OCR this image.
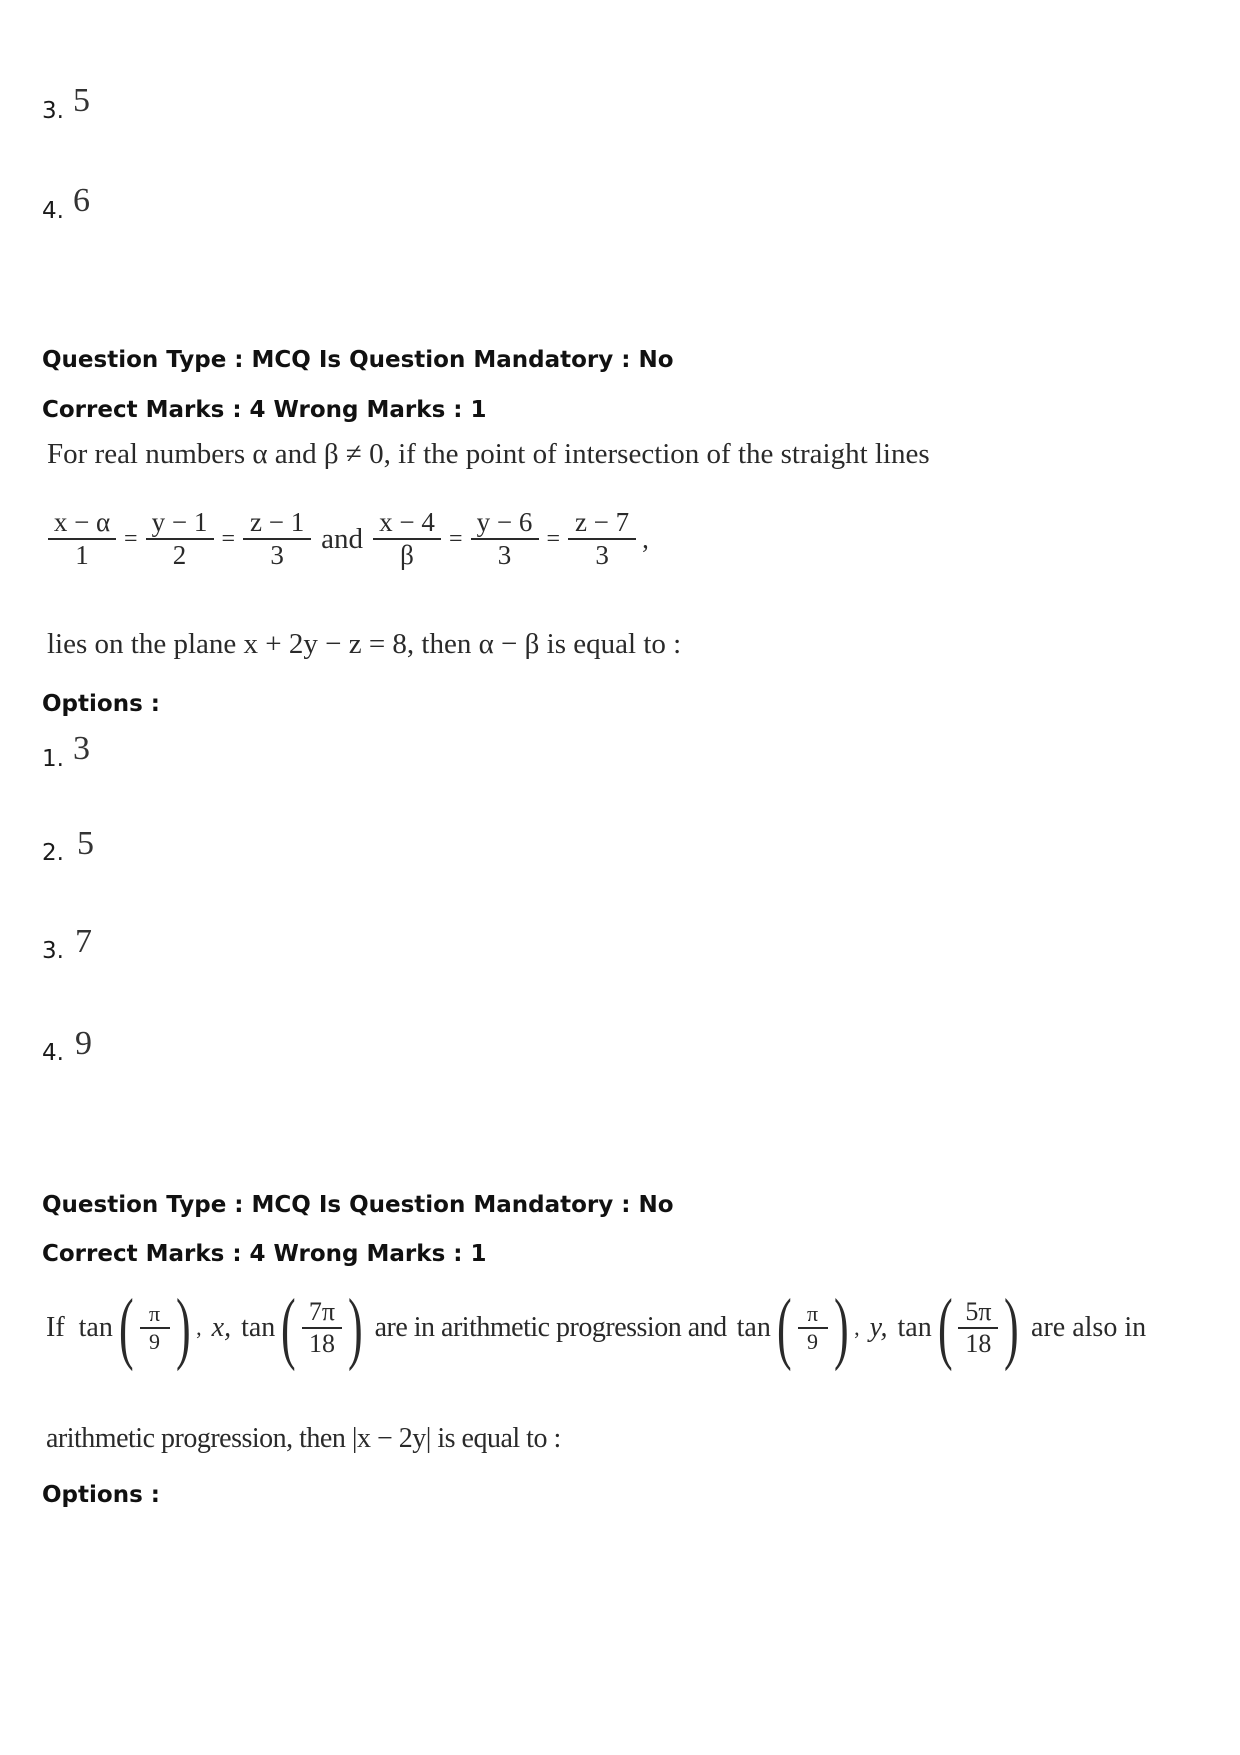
3. 5
4. 6
Question Type : MCQ Is Question Mandatory : No
Correct Marks : 4 Wrong Marks : 1
For real numbers α and β ≠ 0, if the point of intersection of the straight lines
$\frac{x - \alpha}{1} = \frac{y - 1}{2} = \frac{z - 1}{3}$ and $\frac{x - 4}{\beta} = \frac{y - 6}{3} = \frac{z - 7}{3}$ ,
lies on the plane x + 2y − z = 8, then α − β is equal to :
Options :
1. 3
2. 5
3. 7
4. 9
Question Type : MCQ Is Question Mandatory : No
Correct Marks : 4 Wrong Marks : 1
If tan ( $\frac{\pi}{9}$ ) , x, tan ( $\frac{7\pi}{18}$ ) are in arithmetic progression and tan ( $\frac{\pi}{9}$ ) , y, tan ( $\frac{5\pi}{18}$ ) are also in
arithmetic progression, then |x − 2y| is equal to :
Options :
